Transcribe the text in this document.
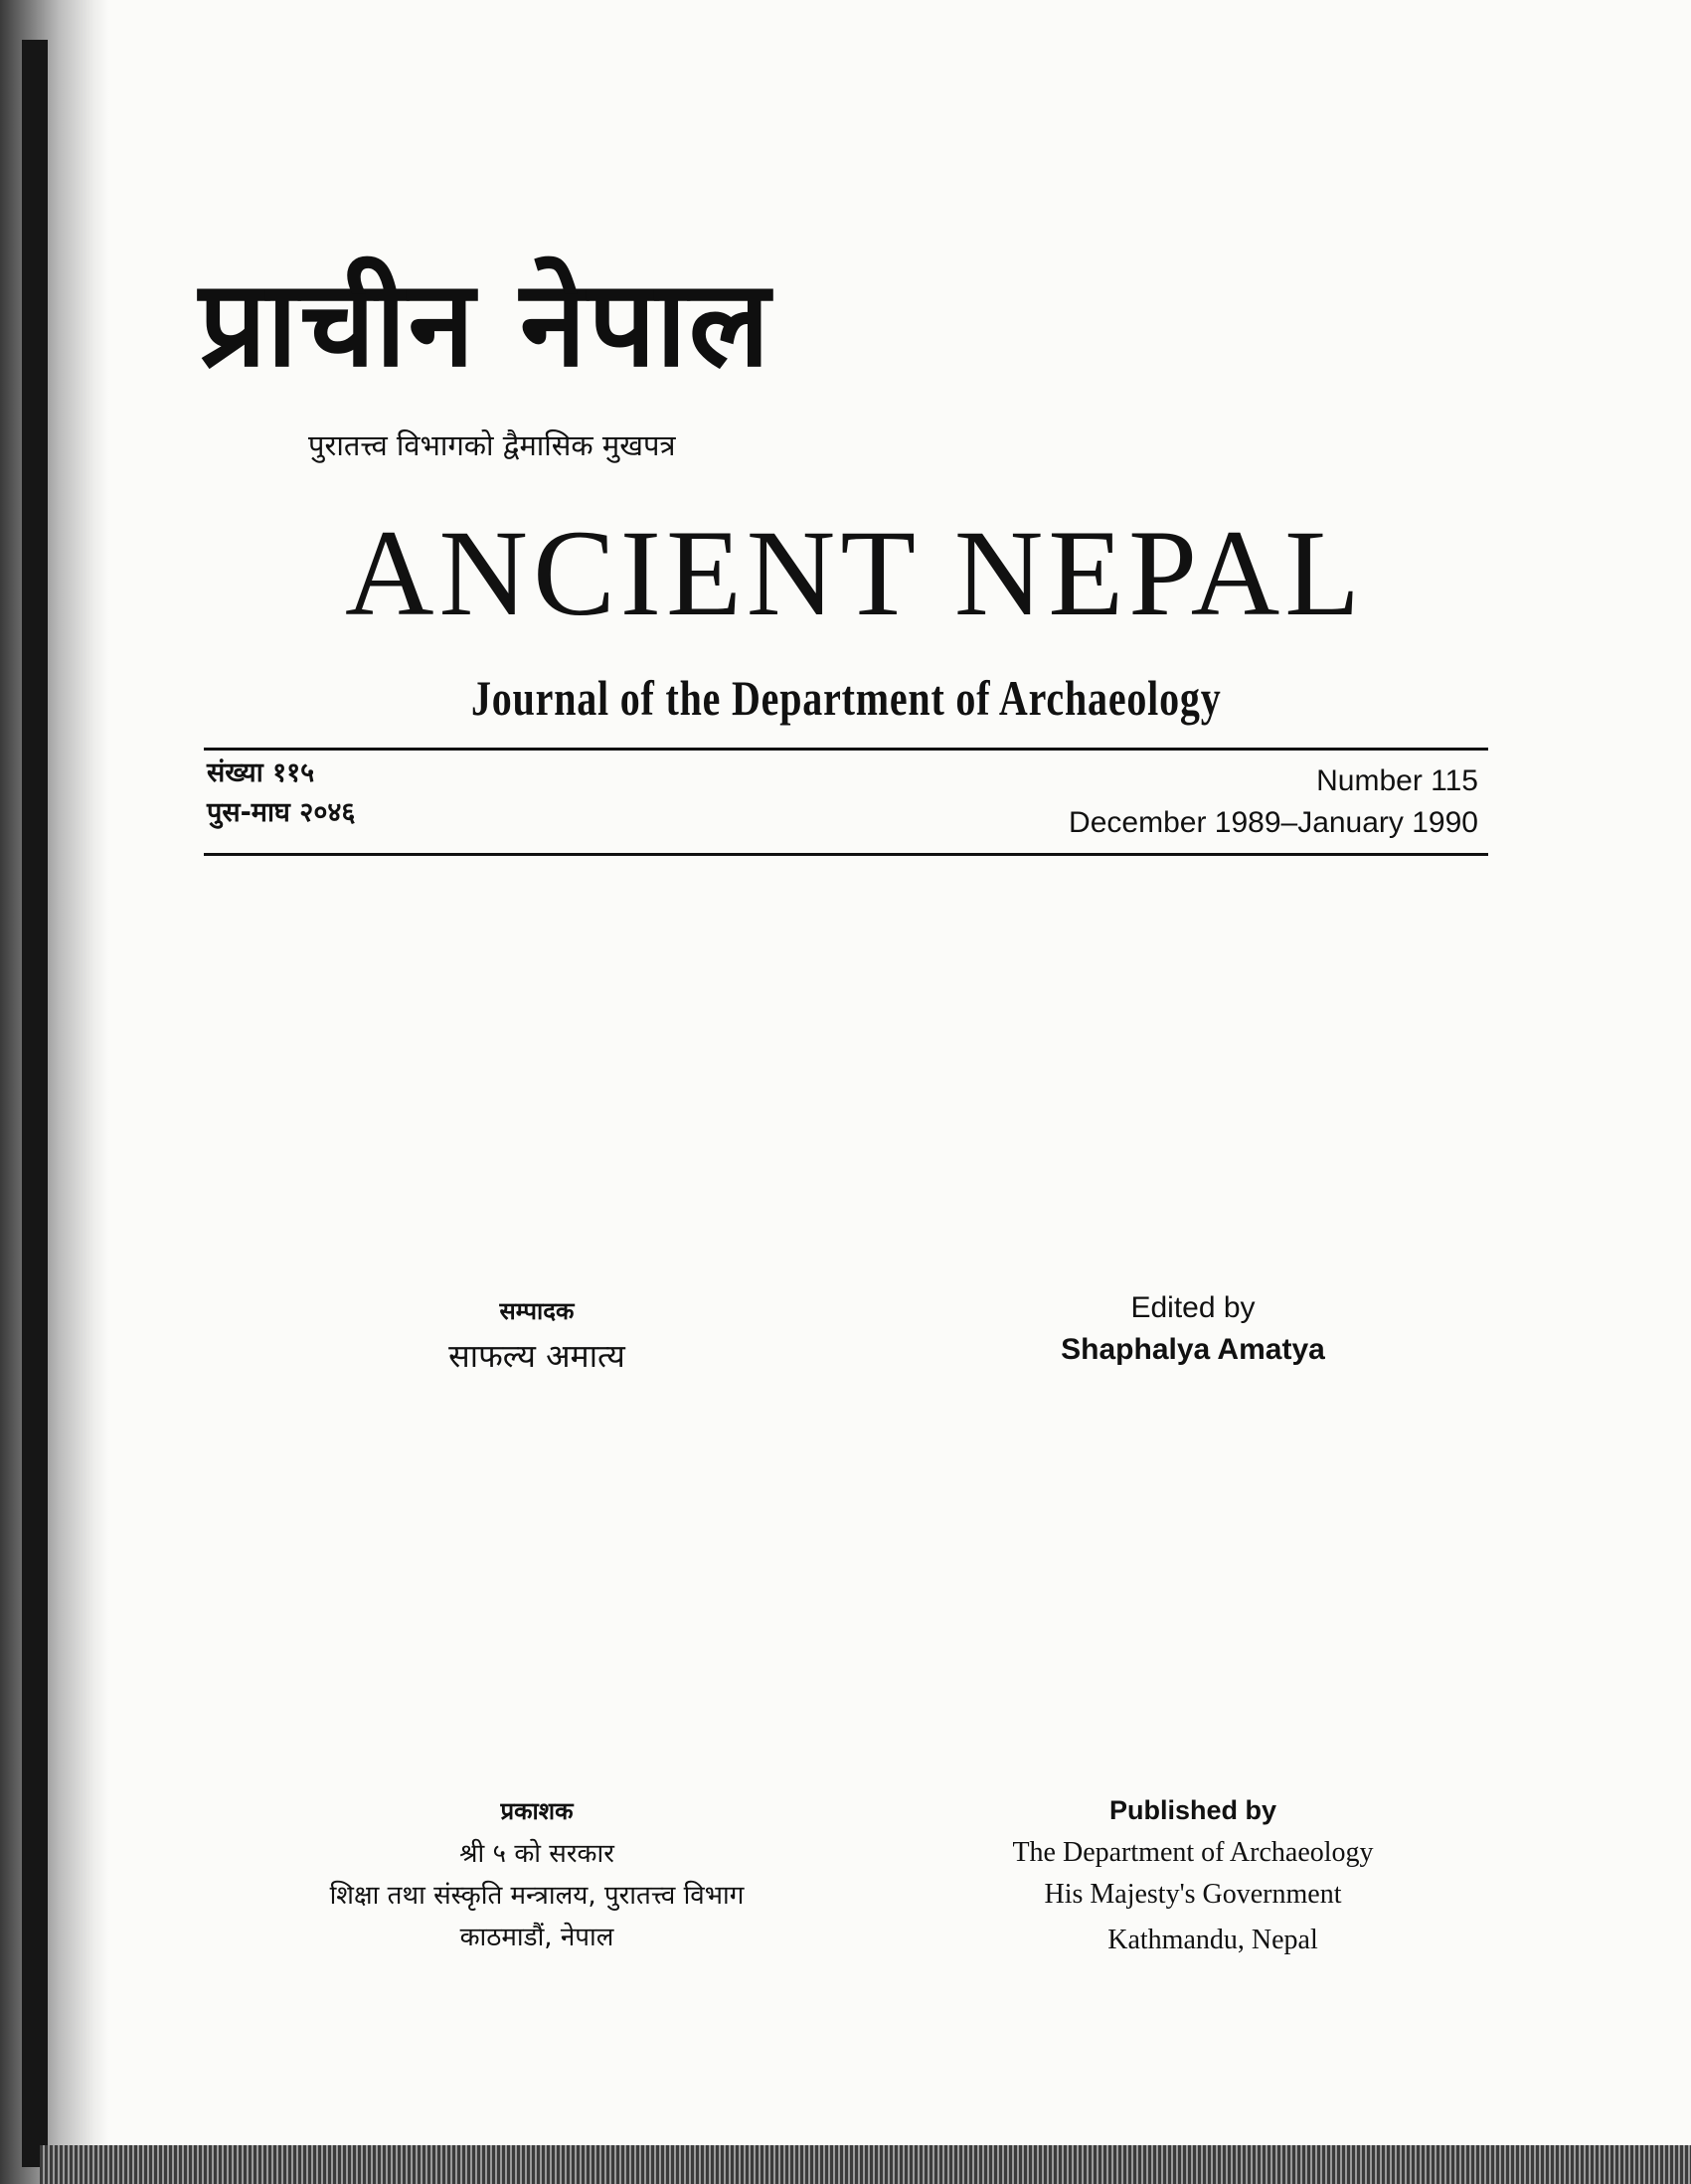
प्राचीन नेपाल
पुरातत्त्व विभागको द्वैमासिक मुखपत्र
ANCIENT NEPAL
Journal of the Department of Archaeology
संख्या ११५
पुस-माघ २०४६
Number 115
December 1989–January 1990
सम्पादक
साफल्य अमात्य
Edited by
Shaphalya Amatya
प्रकाशक
श्री ५ को सरकार
शिक्षा तथा संस्कृति मन्त्रालय, पुरातत्त्व विभाग
काठमाडौं, नेपाल
Published by
The Department of Archaeology
His Majesty's Government
Kathmandu, Nepal
